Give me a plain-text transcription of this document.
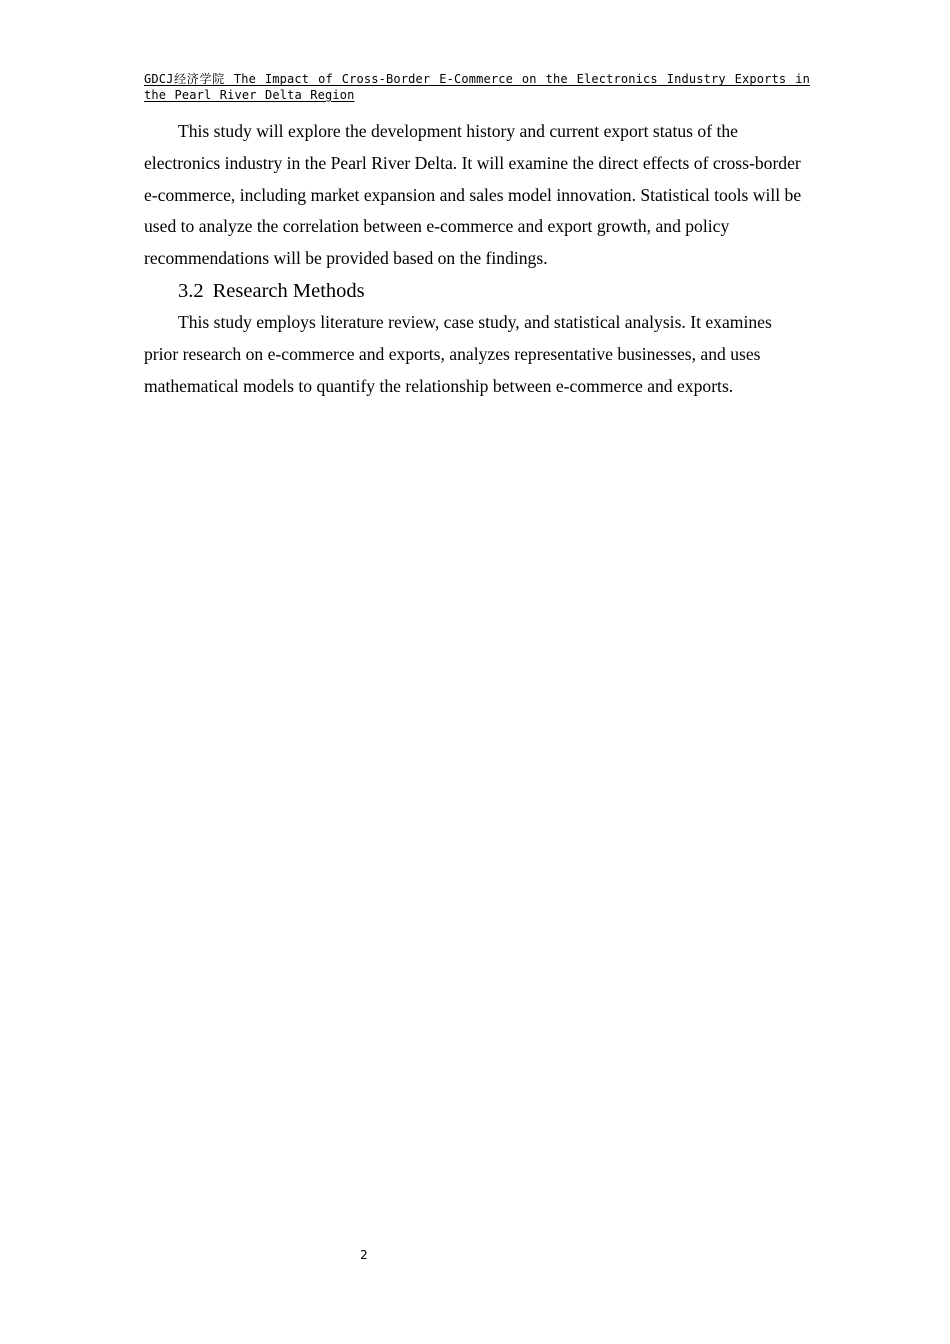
GDCJ经济学院 The Impact of Cross-Border E-Commerce on the Electronics Industry Exports in the Pearl River Delta Region

This study will explore the development history and current export status of the electronics industry in the Pearl River Delta. It will examine the direct effects of cross-border e-commerce, including market expansion and sales model innovation. Statistical tools will be used to analyze the correlation between e-commerce and export growth, and policy recommendations will be provided based on the findings.

3.2 Research Methods

This study employs literature review, case study, and statistical analysis. It examines prior research on e-commerce and exports, analyzes representative businesses, and uses mathematical models to quantify the relationship between e-commerce and exports.

2
